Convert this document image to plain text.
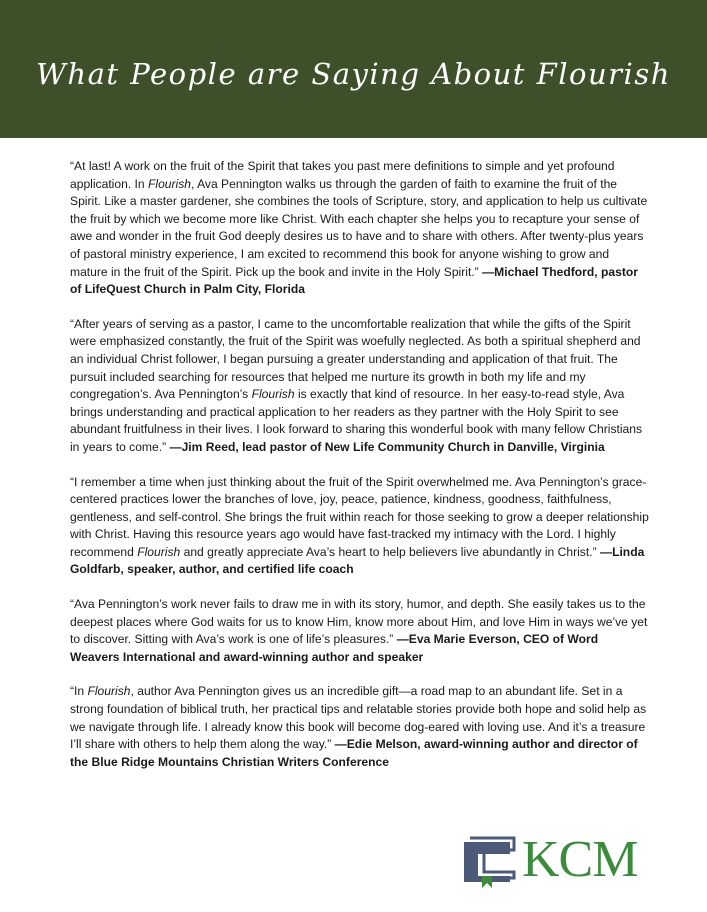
What People are Saying About Flourish

“At last! A work on the fruit of the Spirit that takes you past mere definitions to simple and yet profound application. In Flourish, Ava Pennington walks us through the garden of faith to examine the fruit of the Spirit. Like a master gardener, she combines the tools of Scripture, story, and application to help us cultivate the fruit by which we become more like Christ. With each chapter she helps you to recapture your sense of awe and wonder in the fruit God deeply desires us to have and to share with others. After twenty-plus years of pastoral ministry experience, I am excited to recommend this book for anyone wishing to grow and mature in the fruit of the Spirit. Pick up the book and invite in the Holy Spirit.” —Michael Thedford, pastor of LifeQuest Church in Palm City, Florida

“After years of serving as a pastor, I came to the uncomfortable realization that while the gifts of the Spirit were emphasized constantly, the fruit of the Spirit was woefully neglected. As both a spiritual shepherd and an individual Christ follower, I began pursuing a greater understanding and application of that fruit. The pursuit included searching for resources that helped me nurture its growth in both my life and my congregation’s. Ava Pennington’s Flourish is exactly that kind of resource. In her easy-to-read style, Ava brings understanding and practical application to her readers as they partner with the Holy Spirit to see abundant fruitfulness in their lives. I look forward to sharing this wonderful book with many fellow Christians in years to come.” —Jim Reed, lead pastor of New Life Community Church in Danville, Virginia

“I remember a time when just thinking about the fruit of the Spirit overwhelmed me. Ava Pennington’s grace-centered practices lower the branches of love, joy, peace, patience, kindness, goodness, faithfulness, gentleness, and self-control. She brings the fruit within reach for those seeking to grow a deeper relationship with Christ. Having this resource years ago would have fast-tracked my intimacy with the Lord. I highly recommend Flourish and greatly appreciate Ava’s heart to help believers live abundantly in Christ.” —Linda Goldfarb, speaker, author, and certified life coach

“Ava Pennington’s work never fails to draw me in with its story, humor, and depth. She easily takes us to the deepest places where God waits for us to know Him, know more about Him, and love Him in ways we’ve yet to discover. Sitting with Ava’s work is one of life’s pleasures.” —Eva Marie Everson, CEO of Word Weavers International and award-winning author and speaker

“In Flourish, author Ava Pennington gives us an incredible gift—a road map to an abundant life. Set in a strong foundation of biblical truth, her practical tips and relatable stories provide both hope and solid help as we navigate through life. I already know this book will become dog-eared with loving use. And it’s a treasure I’ll share with others to help them along the way.” —Edie Melson, award-winning author and director of the Blue Ridge Mountains Christian Writers Conference

KCM
